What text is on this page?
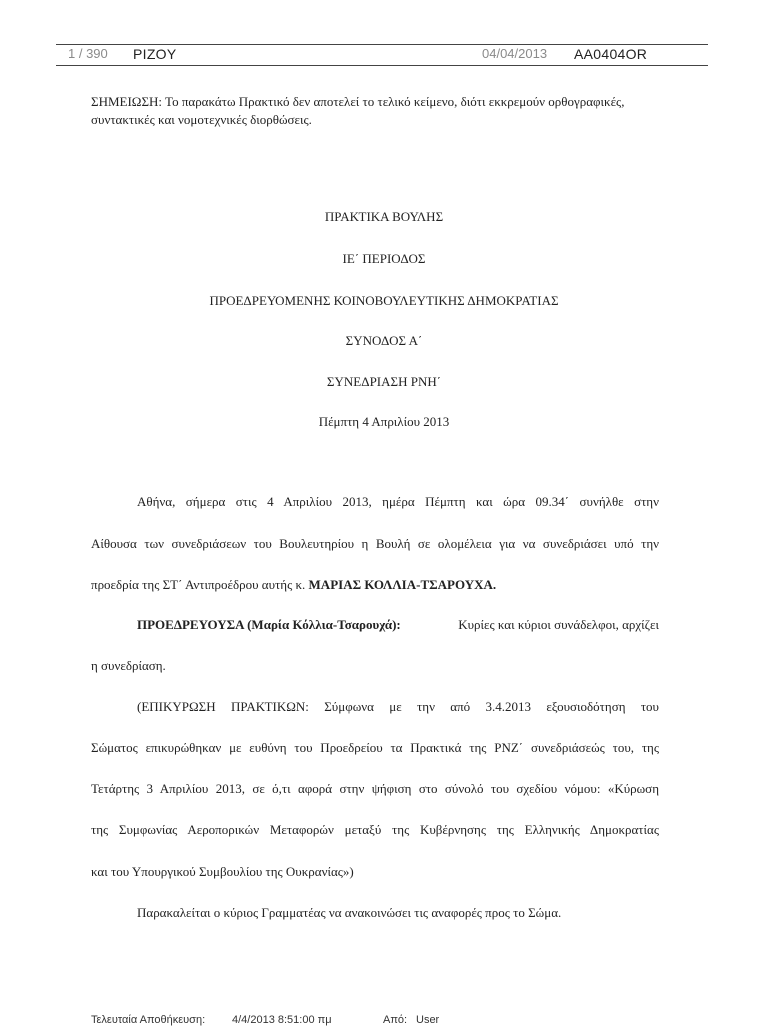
1 / 390 PIZOY	04/04/2013 AA0404OR
ΣΗΜΕΙΩΣΗ: Το παρακάτω Πρακτικό δεν αποτελεί το τελικό κείμενο, διότι εκκρεμούν ορθογραφικές, συντακτικές και νομοτεχνικές διορθώσεις.
ΠΡΑΚΤΙΚΑ ΒΟΥΛΗΣ
ΙΕ΄ ΠΕΡΙΟΔΟΣ
ΠΡΟΕΔΡΕΥΟΜΕΝΗΣ ΚΟΙΝΟΒΟΥΛΕΥΤΙΚΗΣ ΔΗΜΟΚΡΑΤΙΑΣ
ΣΥΝΟΔΟΣ Α΄
ΣΥΝΕΔΡΙΑΣΗ ΡΝΗ΄
Πέμπτη 4 Απριλίου 2013
Αθήνα, σήμερα στις 4 Απριλίου 2013, ημέρα Πέμπτη και ώρα 09.34΄ συνήλθε στην
Αίθουσα των συνεδριάσεων του Βουλευτηρίου η Βουλή σε ολομέλεια για να συνεδριάσει υπό την
προεδρία της ΣΤ΄ Αντιπροέδρου αυτής κ. ΜΑΡΙΑΣ ΚΟΛΛΙΑ-ΤΣΑΡΟΥΧΑ.
ΠΡΟΕΔΡΕΥΟΥΣΑ (Μαρία Κόλλια-Τσαρουχά):	Κυρίες και κύριοι συνάδελφοι, αρχίζει
η συνεδρίαση.
(ΕΠΙΚΥΡΩΣΗ ΠΡΑΚΤΙΚΩΝ: Σύμφωνα με την από 3.4.2013 εξουσιοδότηση του
Σώματος επικυρώθηκαν με ευθύνη του Προεδρείου τα Πρακτικά της ΡΝΖ΄ συνεδριάσεώς του, της
Τετάρτης 3 Απριλίου 2013, σε ό,τι αφορά στην ψήφιση στο σύνολό του σχεδίου νόμου: «Κύρωση
της Συμφωνίας Αεροπορικών Μεταφορών μεταξύ της Κυβέρνησης της Ελληνικής Δημοκρατίας
και του Υπουργικού Συμβουλίου της Ουκρανίας»)
Παρακαλείται ο κύριος Γραμματέας να ανακοινώσει τις αναφορές προς το Σώμα.
Τελευταία Αποθήκευση: 4/4/2013 8:51:00 πμ	Από: User
